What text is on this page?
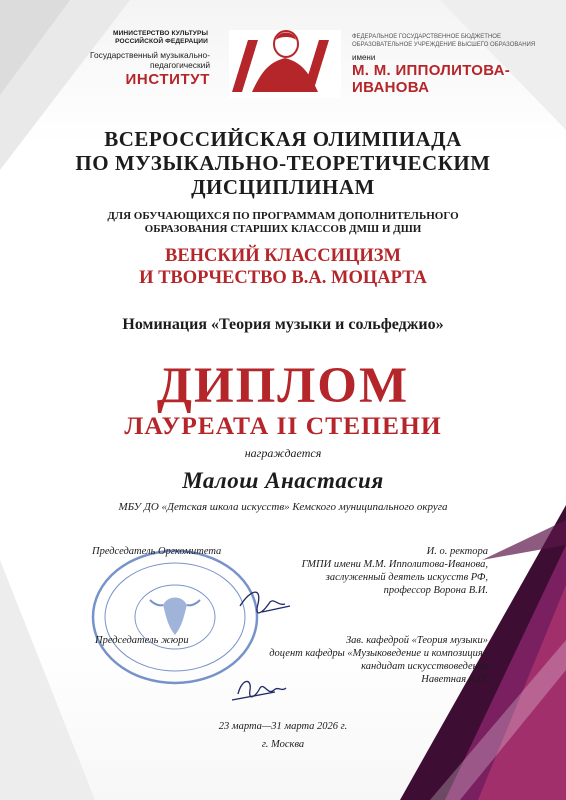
ИиИ
МИНИСТЕРСТВО КУЛЬТУРЫ РОССИЙСКОЙ ФЕДЕРАЦИИ
Государственный музыкально-педагогический
ИНСТИТУТ
ФЕДЕРАЛЬНОЕ ГОСУДАРСТВЕННОЕ БЮДЖЕТНОЕ ОБРАЗОВАТЕЛЬНОЕ УЧРЕЖДЕНИЕ ВЫСШЕГО ОБРАЗОВАНИЯ
имени
М. М. ИППОЛИТОВА-
ИВАНОВА
ВСЕРОССИЙСКАЯ ОЛИМПИАДА
ПО МУЗЫКАЛЬНО-ТЕОРЕТИЧЕСКИМ
ДИСЦИПЛИНАМ
ДЛЯ ОБУЧАЮЩИХСЯ ПО ПРОГРАММАМ ДОПОЛНИТЕЛЬНОГО
ОБРАЗОВАНИЯ СТАРШИХ КЛАССОВ ДМШ И ДШИ
ВЕНСКИЙ КЛАССИЦИЗМ
И ТВОРЧЕСТВО В.А. МОЦАРТА
Номинация «Теория музыки и сольфеджио»
ДИПЛОМ
ЛАУРЕАТА II СТЕПЕНИ
награждается
Малош Анастасия
МБУ ДО «Детская школа искусств» Кемского муниципального округа
Председатель Оргкомитета	И. о. ректора
ГМПИ имени М.М. Ипполитова-Иванова,
заслуженный деятель искусств РФ,
профессор Ворона В.И.
Председатель жюри	Зав. кафедрой «Теория музыки»
доцент кафедры «Музыковедение и композиция»
кандидат искусствоведения
Наветная А.П.
23 марта—31 марта 2026 г.
г. Москва
